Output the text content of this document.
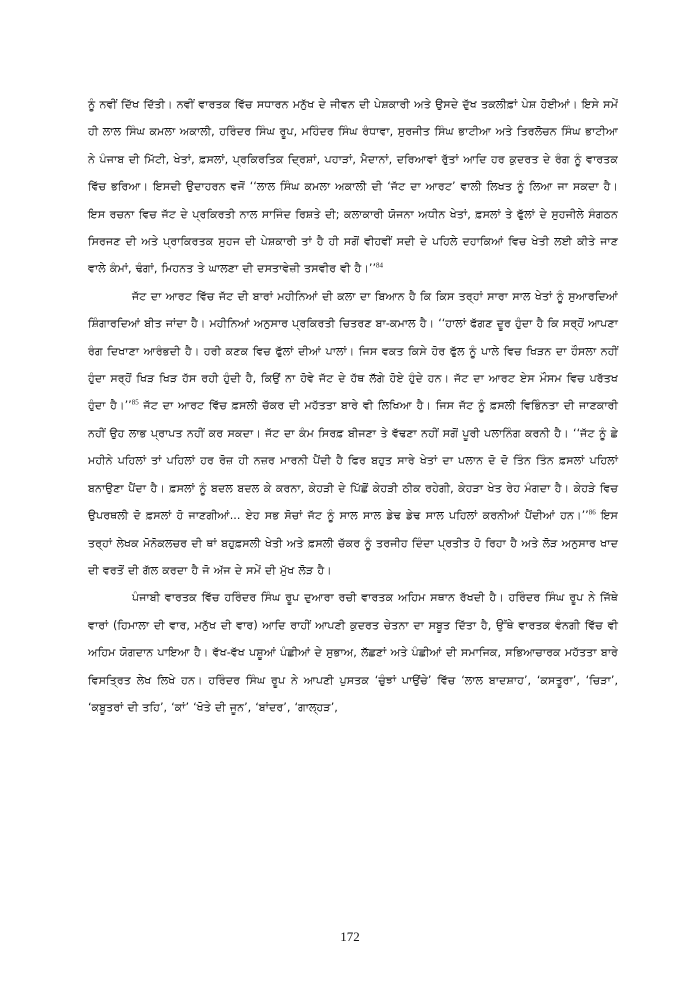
ਨੂੰ ਨਵੀਂ ਦਿੱਖ ਦਿੱਤੀ। ਨਵੀਂ ਵਾਰਤਕ ਵਿੱਚ ਸਧਾਰਨ ਮਨੁੱਖ ਦੇ ਜੀਵਨ ਦੀ ਪੇਸ਼ਕਾਰੀ ਅਤੇ ਉਸਦੇ ਦੁੱਖ ਤਕਲੀਫ਼ਾਂ ਪੇਸ਼ ਹੋਈਆਂ। ਇਸੇ ਸਮੇਂ ਹੀ ਲਾਲ ਸਿੰਘ ਕਮਲਾ ਅਕਾਲੀ, ਹਰਿੰਦਰ ਸਿੰਘ ਰੂਪ, ਮਹਿੰਦਰ ਸਿੰਘ ਰੰਧਾਵਾ, ਸੁਰਜੀਤ ਸਿੰਘ ਭਾਟੀਆ ਅਤੇ ਤਿਰਲੋਚਨ ਸਿੰਘ ਭਾਟੀਆ ਨੇ ਪੰਜਾਬ ਦੀ ਮਿੱਟੀ, ਖੇਤਾਂ, ਫ਼ਸਲਾਂ, ਪ੍ਰਕਿਰਤਿਕ ਦ੍ਰਿਸ਼ਾਂ, ਪਹਾੜਾਂ, ਮੈਦਾਨਾਂ, ਦਰਿਆਵਾਂ ਰੁੱਤਾਂ ਆਦਿ ਹਰ ਕੁਦਰਤ ਦੇ ਰੰਗ ਨੂੰ ਵਾਰਤਕ ਵਿੱਚ ਭਰਿਆ। ਇਸਦੀ ਉਦਾਹਰਨ ਵਜੋਂ ‘‘ਲਾਲ ਸਿੰਘ ਕਮਲਾ ਅਕਾਲੀ ਦੀ ‘ਜੱਟ ਦਾ ਆਰਟ’ ਵਾਲੀ ਲਿਖਤ ਨੂੰ ਲਿਆ ਜਾ ਸਕਦਾ ਹੈ। ਇਸ ਰਚਨਾ ਵਿਚ ਜੱਟ ਦੇ ਪ੍ਰਕਿਰਤੀ ਨਾਲ ਸਾਜਿੰਦ ਰਿਸ਼ਤੇ ਦੀ; ਕਲਾਕਾਰੀ ਯੋਜਨਾ ਅਧੀਨ ਖੇਤਾਂ, ਫ਼ਸਲਾਂ ਤੇ ਫੁੱਲਾਂ ਦੇ ਸੁਹਜੀਲੇ ਸੰਗਠਨ ਸਿਰਜਣ ਦੀ ਅਤੇ ਪ੍ਰਾਕਿਰਤਕ ਸੁਹਜ ਦੀ ਪੇਸ਼ਕਾਰੀ ਤਾਂ ਹੈ ਹੀ ਸਗੋਂ ਵੀਹਵੀਂ ਸਦੀ ਦੇ ਪਹਿਲੇ ਦਹਾਕਿਆਂ ਵਿਚ ਖੇਤੀ ਲਈ ਕੀਤੇ ਜਾਣ ਵਾਲੇ ਕੰਮਾਂ, ਢੰਗਾਂ, ਮਿਹਨਤ ਤੇ ਘਾਲਣਾ ਦੀ ਦਸਤਾਵੇਜ਼ੀ ਤਸਵੀਰ ਵੀ ਹੈ।’’$^{84}$

ਜੱਟ ਦਾ ਆਰਟ ਵਿੱਚ ਜੱਟ ਦੀ ਬਾਰਾਂ ਮਹੀਨਿਆਂ ਦੀ ਕਲਾ ਦਾ ਬਿਆਨ ਹੈ ਕਿ ਕਿਸ ਤਰ੍ਹਾਂ ਸਾਰਾ ਸਾਲ ਖੇਤਾਂ ਨੂੰ ਸੁਆਰਦਿਆਂ ਸ਼ਿੰਗਾਰਦਿਆਂ ਬੀਤ ਜਾਂਦਾ ਹੈ। ਮਹੀਨਿਆਂ ਅਨੁਸਾਰ ਪ੍ਰਕਿਰਤੀ ਚਿਤਰਣ ਬਾ-ਕਮਾਲ ਹੈ। ‘‘ਹਾਲਾਂ ਫੱਗਣ ਦੂਰ ਹੁੰਦਾ ਹੈ ਕਿ ਸਰ੍ਹੋਂ ਆਪਣਾ ਰੰਗ ਦਿਖਾਣਾ ਆਰੰਭਦੀ ਹੈ। ਹਰੀ ਕਣਕ ਵਿਚ ਫੁੱਲਾਂ ਦੀਆਂ ਪਾਲਾਂ। ਜਿਸ ਵਕਤ ਕਿਸੇ ਹੋਰ ਫੁੱਲ ਨੂੰ ਪਾਲੇ ਵਿਚ ਖਿੜਨ ਦਾ ਹੌਸਲਾ ਨਹੀਂ ਹੁੰਦਾ ਸਰ੍ਹੋਂ ਖਿੜ ਖਿੜ ਹੱਸ ਰਹੀ ਹੁੰਦੀ ਹੈ, ਕਿਉਂ ਨਾ ਹੋਵੇ ਜੱਟ ਦੇ ਹੱਥ ਲੱਗੇ ਹੋਏ ਹੁੰਦੇ ਹਨ। ਜੱਟ ਦਾ ਆਰਟ ਏਸ ਮੌਸਮ ਵਿਚ ਪਰੱਤਖ ਹੁੰਦਾ ਹੈ।’’$^{85}$ ਜੱਟ ਦਾ ਆਰਟ ਵਿੱਚ ਫ਼ਸਲੀ ਚੱਕਰ ਦੀ ਮਹੱਤਤਾ ਬਾਰੇ ਵੀ ਲਿਖਿਆ ਹੈ। ਜਿਸ ਜੱਟ ਨੂੰ ਫ਼ਸਲੀ ਵਿਭਿੰਨਤਾ ਦੀ ਜਾਣਕਾਰੀ ਨਹੀਂ ਉਹ ਲਾਭ ਪ੍ਰਾਪਤ ਨਹੀਂ ਕਰ ਸਕਦਾ। ਜੱਟ ਦਾ ਕੰਮ ਸਿਰਫ਼ ਬੀਜਣਾ ਤੇ ਵੱਢਣਾ ਨਹੀਂ ਸਗੋਂ ਪੂਰੀ ਪਲਾਨਿੰਗ ਕਰਨੀ ਹੈ। ‘‘ਜੱਟ ਨੂੰ ਛੇ ਮਹੀਨੇ ਪਹਿਲਾਂ ਤਾਂ ਪਹਿਲਾਂ ਹਰ ਰੋਜ਼ ਹੀ ਨਜ਼ਰ ਮਾਰਨੀ ਪੈਂਦੀ ਹੈ ਫਿਰ ਬਹੁਤ ਸਾਰੇ ਖੇਤਾਂ ਦਾ ਪਲਾਨ ਦੋ ਦੋ ਤਿੰਨ ਤਿੰਨ ਫ਼ਸਲਾਂ ਪਹਿਲਾਂ ਬਨਾਉਣਾ ਪੈਂਦਾ ਹੈ। ਫ਼ਸਲਾਂ ਨੂੰ ਬਦਲ ਬਦਲ ਕੇ ਕਰਨਾ, ਕੇਹੜੀ ਦੇ ਪਿੱਛੋਂ ਕੇਹੜੀ ਠੀਕ ਰਹੇਗੀ, ਕੇਹੜਾ ਖੇਤ ਰੇਹ ਮੰਗਦਾ ਹੈ। ਕੇਹੜੇ ਵਿਚ ਉਪਰਥਲੀ ਦੋ ਫ਼ਸਲਾਂ ਹੋ ਜਾਣਗੀਆਂ... ਏਹ ਸਭ ਸੋਚਾਂ ਜੱਟ ਨੂੰ ਸਾਲ ਸਾਲ ਡੇਢ ਡੇਢ ਸਾਲ ਪਹਿਲਾਂ ਕਰਨੀਆਂ ਪੈਂਦੀਆਂ ਹਨ।’’$^{86}$ ਇਸ ਤਰ੍ਹਾਂ ਲੇਖਕ ਮੋਨੋਕਲਚਰ ਦੀ ਥਾਂ ਬਹੁਫ਼ਸਲੀ ਖੇਤੀ ਅਤੇ ਫ਼ਸਲੀ ਚੱਕਰ ਨੂੰ ਤਰਜੀਹ ਦਿੰਦਾ ਪ੍ਰਤੀਤ ਹੋ ਰਿਹਾ ਹੈ ਅਤੇ ਲੋੜ ਅਨੁਸਾਰ ਖਾਦ ਦੀ ਵਰਤੋਂ ਦੀ ਗੱਲ ਕਰਦਾ ਹੈ ਜੋ ਅੱਜ ਦੇ ਸਮੇਂ ਦੀ ਮੁੱਖ ਲੋੜ ਹੈ।

ਪੰਜਾਬੀ ਵਾਰਤਕ ਵਿੱਚ ਹਰਿੰਦਰ ਸਿੰਘ ਰੂਪ ਦੁਆਰਾ ਰਚੀ ਵਾਰਤਕ ਅਹਿਮ ਸਥਾਨ ਰੱਖਦੀ ਹੈ। ਹਰਿੰਦਰ ਸਿੰਘ ਰੂਪ ਨੇ ਜਿੱਥੇ ਵਾਰਾਂ (ਹਿਮਾਲਾ ਦੀ ਵਾਰ, ਮਨੁੱਖ ਦੀ ਵਾਰ) ਆਦਿ ਰਾਹੀਂ ਆਪਣੀ ਕੁਦਰਤ ਚੇਤਨਾ ਦਾ ਸਬੂਤ ਦਿੱਤਾ ਹੈ, ਉੱਥੇ ਵਾਰਤਕ ਵੰਨਗੀ ਵਿੱਚ ਵੀ ਅਹਿਮ ਯੋਗਦਾਨ ਪਾਇਆ ਹੈ। ਵੱਖ-ਵੱਖ ਪਸ਼ੂਆਂ ਪੰਛੀਆਂ ਦੇ ਸੁਭਾਅ, ਲੱਛਣਾਂ ਅਤੇ ਪੰਛੀਆਂ ਦੀ ਸਮਾਜਿਕ, ਸਭਿਆਚਾਰਕ ਮਹੱਤਤਾ ਬਾਰੇ ਵਿਸਤ੍ਰਿਤ ਲੇਖ ਲਿਖੇ ਹਨ। ਹਰਿੰਦਰ ਸਿੰਘ ਰੂਪ ਨੇ ਆਪਣੀ ਪੁਸਤਕ ‘ਚੁੰਝਾਂ ਪਾਉਂਚੇ’ ਵਿੱਚ ‘ਲਾਲ ਬਾਦਸ਼ਾਹ’, ‘ਕਸਤੂਰਾ’, ‘ਚਿੜਾ’, ‘ਕਬੂਤਰਾਂ ਦੀ ਤਹਿ’, ‘ਕਾਂ’ ‘ਖੋਤੇ ਦੀ ਜੂਨ’, ‘ਬਾਂਦਰ’, ‘ਗਾਲ੍ਹੜ’,

172
